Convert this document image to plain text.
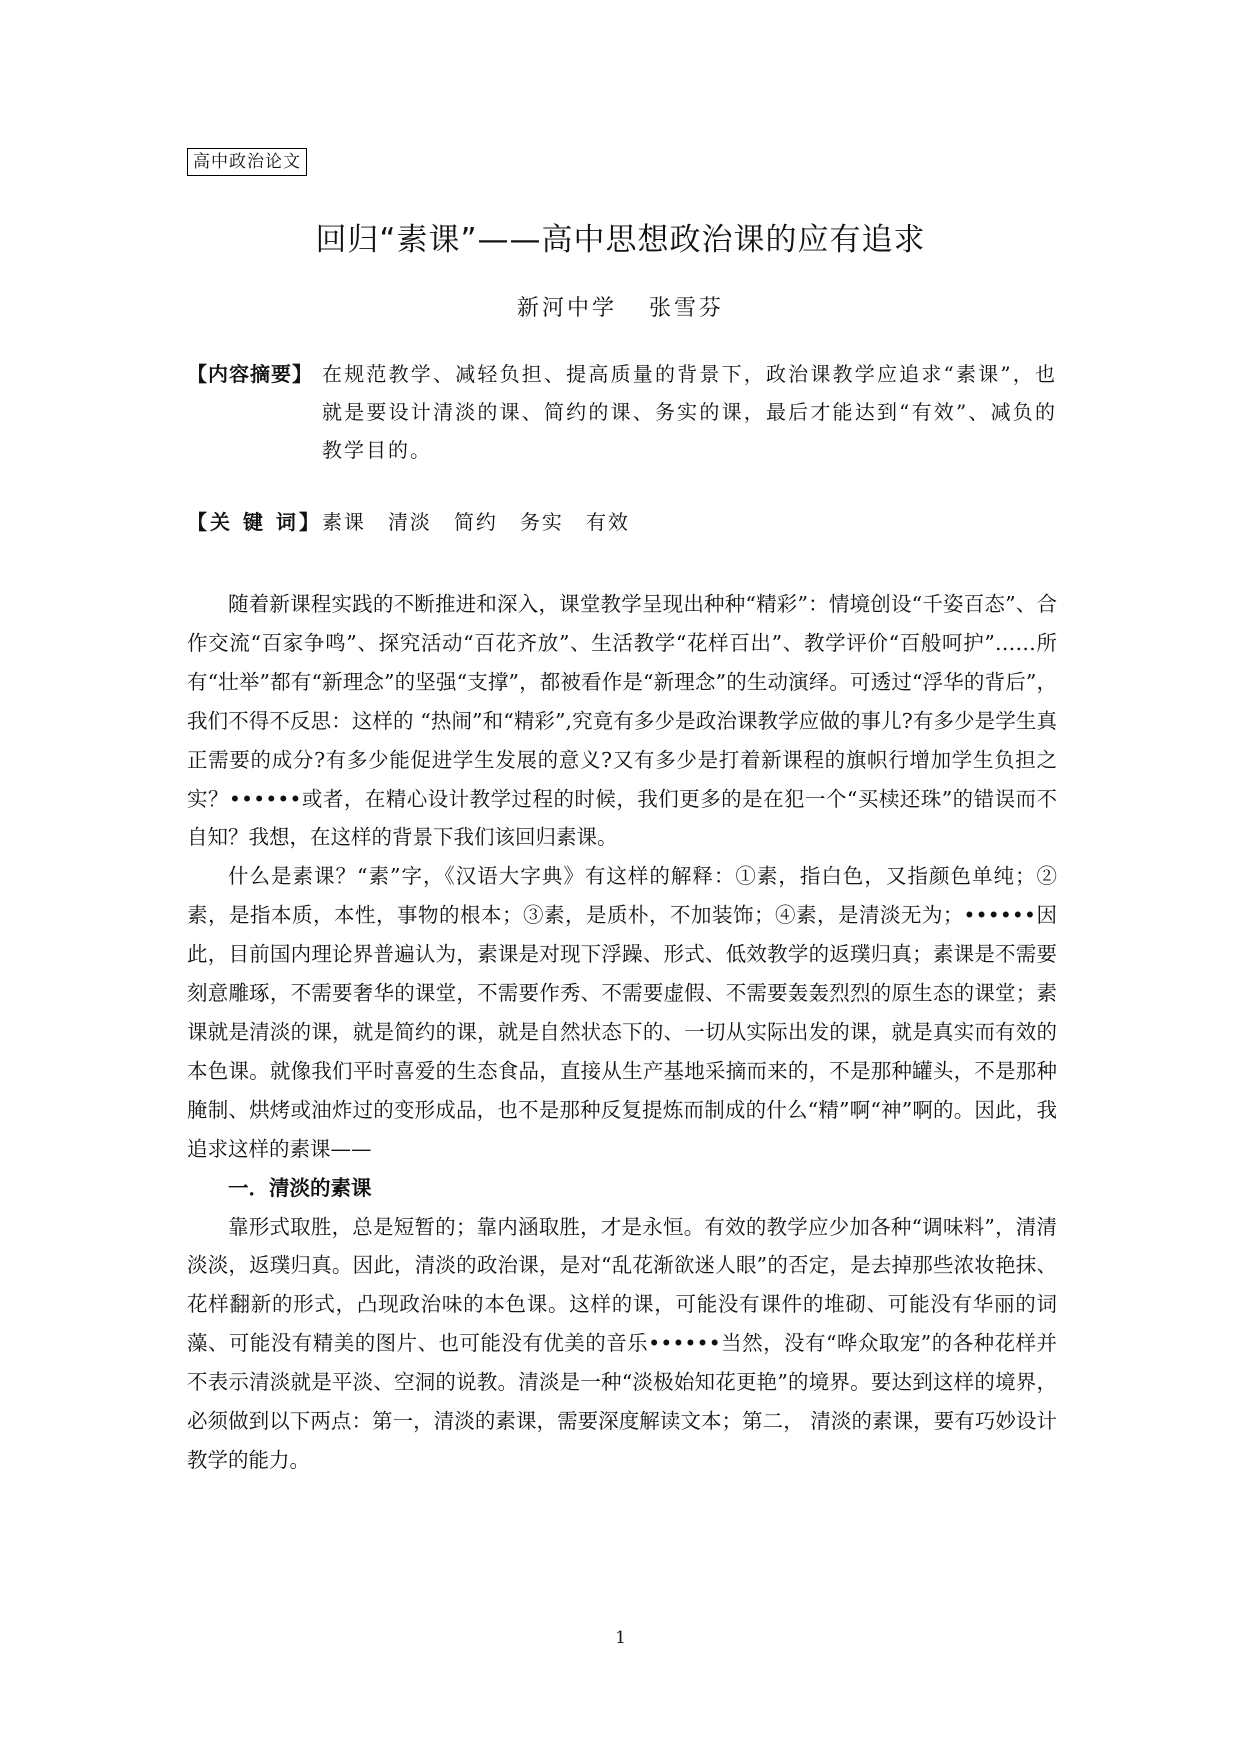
高中政治论文
回归“素课”——高中思想政治课的应有追求
新河中学 张雪芬
【内容摘要】 在规范教学、减轻负担、提高质量的背景下，政治课教学应追求“素课”，也就是要设计清淡的课、简约的课、务实的课，最后才能达到“有效”、减负的教学目的。
【关 键 词】素课 清淡 简约 务实 有效

随着新课程实践的不断推进和深入，课堂教学呈现出种种“精彩”：情境创设“千姿百态”、合作交流“百家争鸣”、探究活动“百花齐放”、生活教学“花样百出”、教学评价“百般呵护”……所有“壮举”都有“新理念”的坚强“支撑”，都被看作是“新理念”的生动演绎。可透过“浮华的背后”，我们不得不反思：这样的 “热闹”和“精彩”,究竟有多少是政治课教学应做的事儿?有多少是学生真正需要的成分?有多少能促进学生发展的意义?又有多少是打着新课程的旗帜行增加学生负担之实？••••••或者，在精心设计教学过程的时候，我们更多的是在犯一个“买椟还珠”的错误而不自知？我想，在这样的背景下我们该回归素课。

什么是素课？“素”字，《汉语大字典》有这样的解释：①素，指白色，又指颜色单纯；②素，是指本质，本性，事物的根本；③素，是质朴，不加装饰；④素，是清淡无为；••••••因此，目前国内理论界普遍认为，素课是对现下浮躁、形式、低效教学的返璞归真；素课是不需要刻意雕琢，不需要奢华的课堂，不需要作秀、不需要虚假、不需要轰轰烈烈的原生态的课堂；素课就是清淡的课，就是简约的课，就是自然状态下的、一切从实际出发的课，就是真实而有效的本色课。就像我们平时喜爱的生态食品，直接从生产基地采摘而来的，不是那种罐头，不是那种腌制、烘烤或油炸过的变形成品，也不是那种反复提炼而制成的什么“精”啊“神”啊的。因此，我追求这样的素课——

一．清淡的素课

靠形式取胜，总是短暂的；靠内涵取胜，才是永恒。有效的教学应少加各种“调味料”，清清淡淡，返璞归真。因此，清淡的政治课，是对“乱花渐欲迷人眼”的否定，是去掉那些浓妆艳抹、花样翻新的形式，凸现政治味的本色课。这样的课，可能没有课件的堆砌、可能没有华丽的词藻、可能没有精美的图片、也可能没有优美的音乐••••••当然，没有“哗众取宠”的各种花样并不表示清淡就是平淡、空洞的说教。清淡是一种“淡极始知花更艳”的境界。要达到这样的境界，必须做到以下两点：第一，清淡的素课，需要深度解读文本；第二， 清淡的素课，要有巧妙设计教学的能力。

1
